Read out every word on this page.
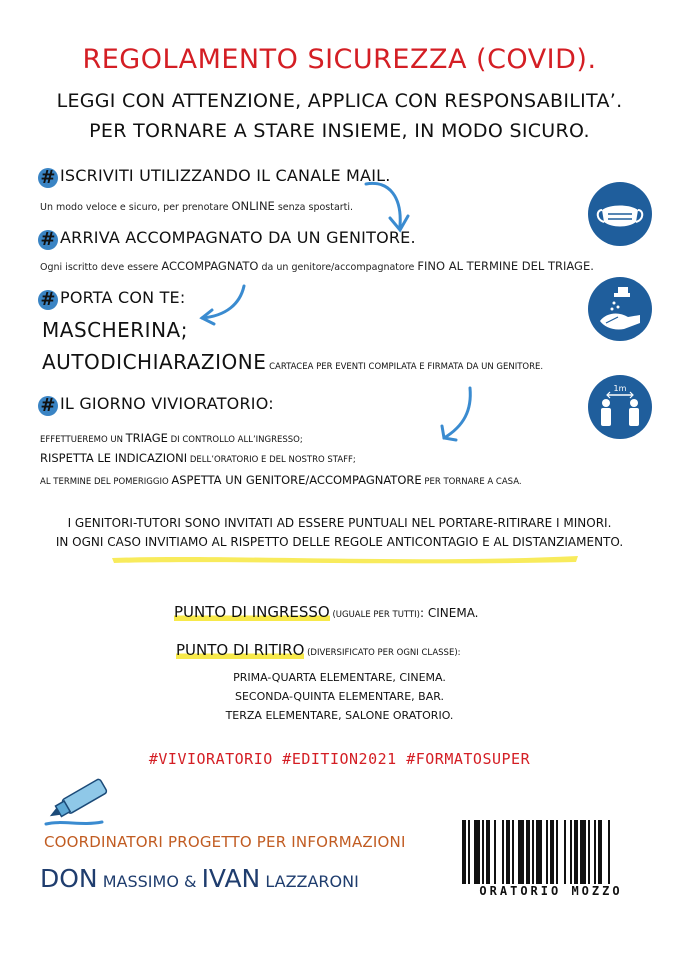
REGOLAMENTO SICUREZZA (COVID).
LEGGI CON ATTENZIONE, APPLICA CON RESPONSABILITA’.
PER TORNARE A STARE INSIEME, IN MODO SICURO.
# ISCRIVITI UTILIZZANDO IL CANALE MAIL.
Un modo veloce e sicuro, per prenotare ONLINE senza spostarti.
# ARRIVA ACCOMPAGNATO DA UN GENITORE.
Ogni iscritto deve essere ACCOMPAGNATO da un genitore/accompagnatore FINO AL TERMINE DEL TRIAGE.
# PORTA CON TE:
MASCHERINA;
AUTODICHIARAZIONE CARTACEA PER EVENTI COMPILATA E FIRMATA DA UN GENITORE.
# IL GIORNO VIVIORATORIO:
EFFETTUEREMO UN TRIAGE DI CONTROLLO ALL’INGRESSO;
RISPETTA LE INDICAZIONI DELL’ORATORIO E DEL NOSTRO STAFF;
AL TERMINE DEL POMERIGGIO ASPETTA UN GENITORE/ACCOMPAGNATORE PER TORNARE A CASA.
1m
I GENITORI-TUTORI SONO INVITATI AD ESSERE PUNTUALI NEL PORTARE-RITIRARE I MINORI.
IN OGNI CASO INVITIAMO AL RISPETTO DELLE REGOLE ANTICONTAGIO E AL DISTANZIAMENTO.
PUNTO DI INGRESSO (UGUALE PER TUTTI): CINEMA.
PUNTO DI RITIRO (DIVERSIFICATO PER OGNI CLASSE):
PRIMA-QUARTA ELEMENTARE, CINEMA.
SECONDA-QUINTA ELEMENTARE, BAR.
TERZA ELEMENTARE, SALONE ORATORIO.
#VIVIORATORIO #EDITION2021 #FORMATOSUPER
COORDINATORI PROGETTO PER INFORMAZIONI
DON MASSIMO & IVAN LAZZARONI	ORATORIO MOZZO
